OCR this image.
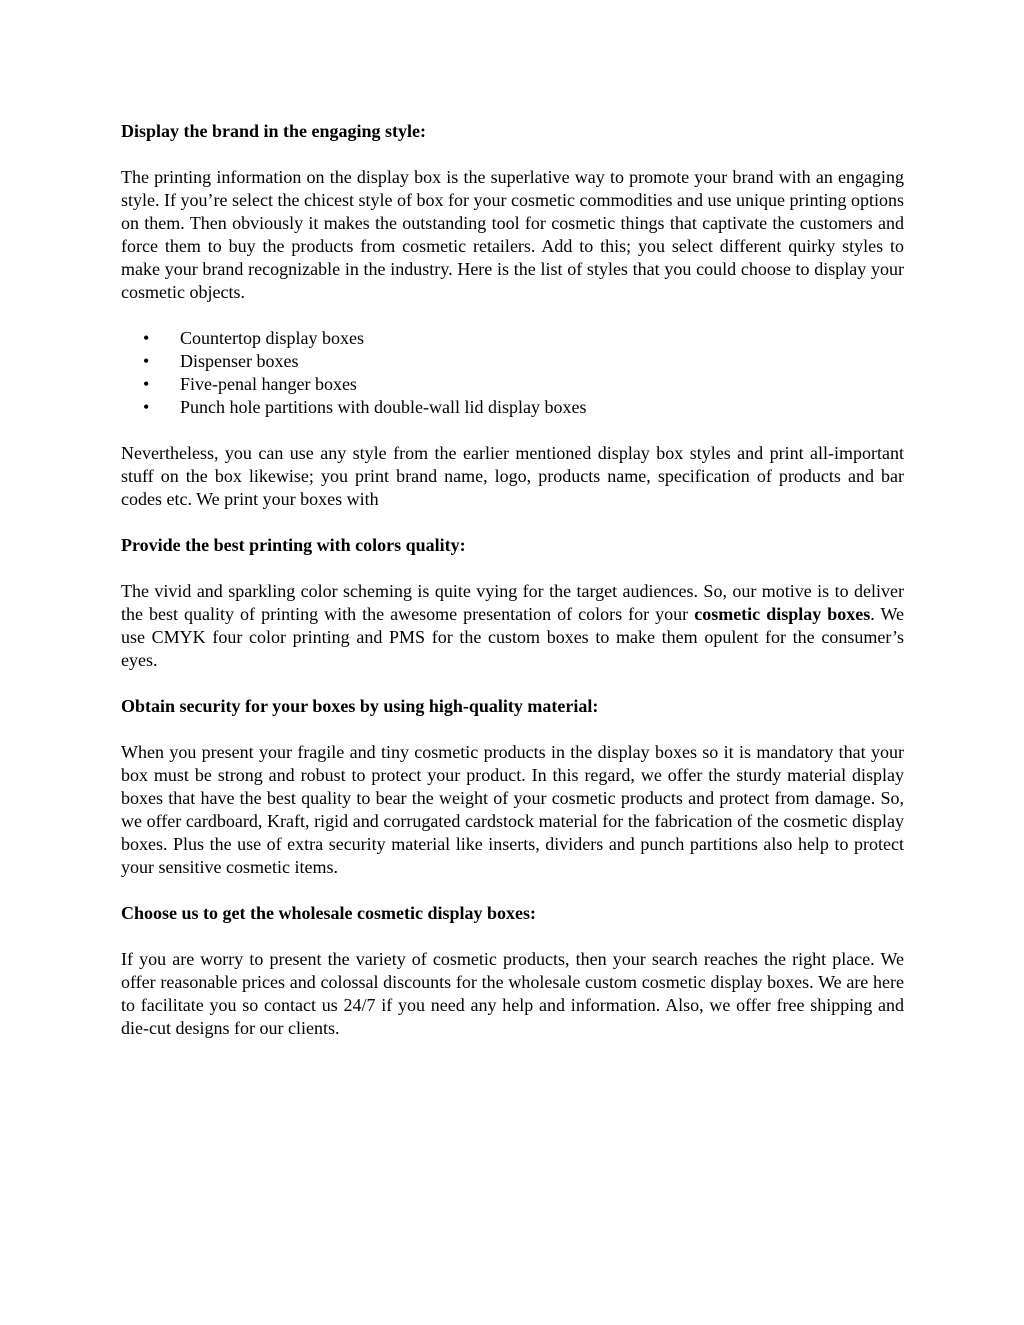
Display the brand in the engaging style:

The printing information on the display box is the superlative way to promote your brand with an engaging style. If you’re select the chicest style of box for your cosmetic commodities and use unique printing options on them. Then obviously it makes the outstanding tool for cosmetic things that captivate the customers and force them to buy the products from cosmetic retailers. Add to this; you select different quirky styles to make your brand recognizable in the industry. Here is the list of styles that you could choose to display your cosmetic objects.

• Countertop display boxes
• Dispenser boxes
• Five-penal hanger boxes
• Punch hole partitions with double-wall lid display boxes

Nevertheless, you can use any style from the earlier mentioned display box styles and print all-important stuff on the box likewise; you print brand name, logo, products name, specification of products and bar codes etc. We print your boxes with

Provide the best printing with colors quality:

The vivid and sparkling color scheming is quite vying for the target audiences. So, our motive is to deliver the best quality of printing with the awesome presentation of colors for your cosmetic display boxes. We use CMYK four color printing and PMS for the custom boxes to make them opulent for the consumer’s eyes.

Obtain security for your boxes by using high-quality material:

When you present your fragile and tiny cosmetic products in the display boxes so it is mandatory that your box must be strong and robust to protect your product. In this regard, we offer the sturdy material display boxes that have the best quality to bear the weight of your cosmetic products and protect from damage. So, we offer cardboard, Kraft, rigid and corrugated cardstock material for the fabrication of the cosmetic display boxes. Plus the use of extra security material like inserts, dividers and punch partitions also help to protect your sensitive cosmetic items.

Choose us to get the wholesale cosmetic display boxes:

If you are worry to present the variety of cosmetic products, then your search reaches the right place. We offer reasonable prices and colossal discounts for the wholesale custom cosmetic display boxes. We are here to facilitate you so contact us 24/7 if you need any help and information. Also, we offer free shipping and die-cut designs for our clients.
